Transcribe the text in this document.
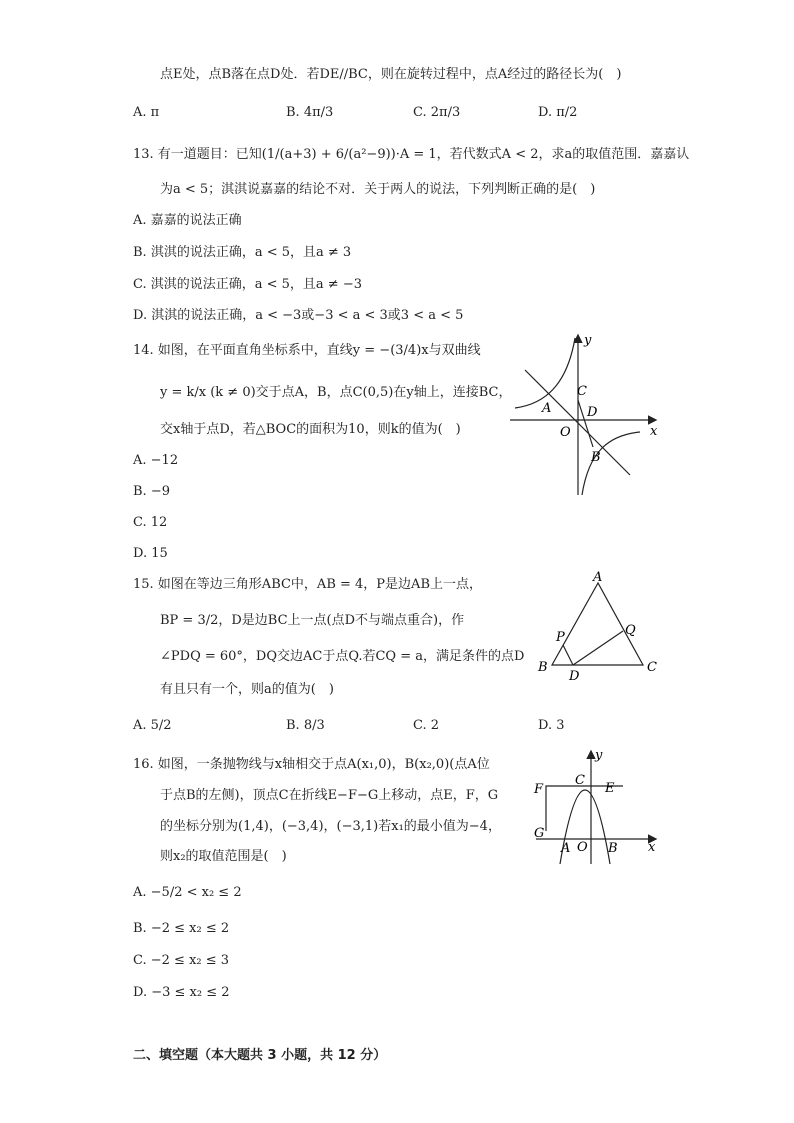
点E处，点B落在点D处．若DE//BC，则在旋转过程中，点A经过的路径长为(　)
A. π	B. 4π/3	C. 2π/3	D. π/2
13. 有一道题目：已知(1/(a+3) + 6/(a²−9))·A = 1，若代数式A < 2，求a的取值范围．嘉嘉认
为a < 5；淇淇说嘉嘉的结论不对．关于两人的说法，下列判断正确的是(　)
A. 嘉嘉的说法正确
B. 淇淇的说法正确，a < 5，且a ≠ 3
C. 淇淇的说法正确，a < 5，且a ≠ −3
D. 淇淇的说法正确，a < −3或−3 < a < 3或3 < a < 5
14. 如图，在平面直角坐标系中，直线y = −(3/4)x与双曲线
y = k/x (k ≠ 0)交于点A，B，点C(0,5)在y轴上，连接BC，
交x轴于点D，若△BOC的面积为10，则k的值为(　)
A. −12
B. −9
C. 12
D. 15
y
x
O
A
C
D
B
15. 如图在等边三角形ABC中，AB = 4，P是边AB上一点，
BP = 3/2，D是边BC上一点(点D不与端点重合)，作
∠PDQ = 60°，DQ交边AC于点Q.若CQ = a，满足条件的点D
有且只有一个，则a的值为(　)
A. 5/2	B. 8/3	C. 2	D. 3
A
B	C
D
P	Q
16. 如图，一条抛物线与x轴相交于点A(x₁,0)，B(x₂,0)(点A位
于点B的左侧)，顶点C在折线E−F−G上移动，点E，F，G
的坐标分别为(1,4)，(−3,4)，(−3,1)若x₁的最小值为−4，
则x₂的取值范围是(　)
A. −5/2 < x₂ ≤ 2
B. −2 ≤ x₂ ≤ 2
C. −2 ≤ x₂ ≤ 3
D. −3 ≤ x₂ ≤ 2
y
x
O
A	B
C
E
F
G
二、填空题（本大题共 3 小题，共 12 分）
